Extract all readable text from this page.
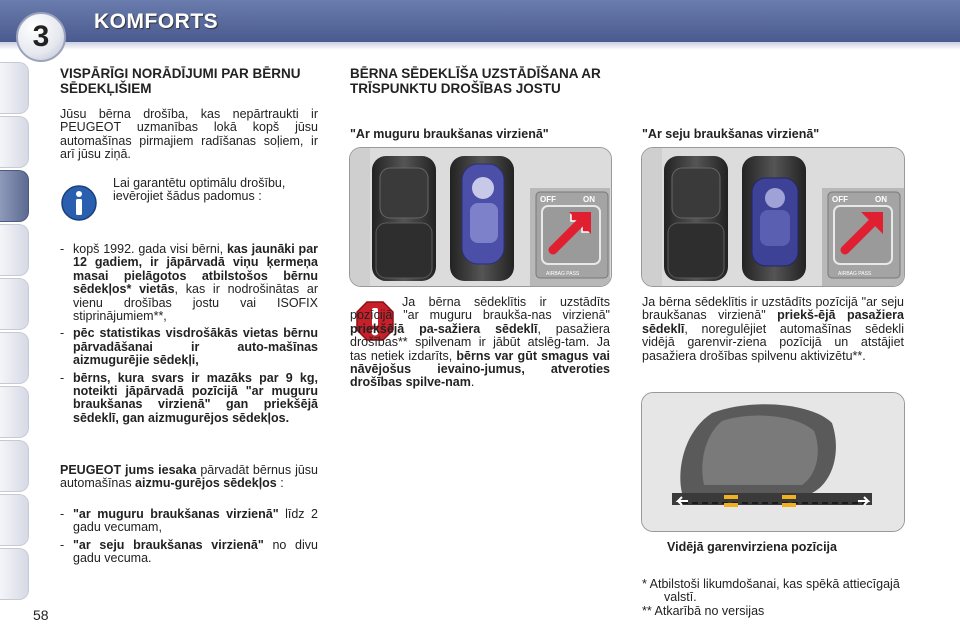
3	KOMFORTS
58
VISPĀRĪGI NORĀDĪJUMI PAR BĒRNU SĒDEKĻIŠIEM
Jūsu bērna drošība, kas nepārtraukti ir PEUGEOT uzmanības lokā kopš jūsu automašīnas pirmajiem radīšanas soļiem, ir arī jūsu ziņā.
Lai garantētu optimālu drošību, ievērojiet šādus padomus :
- kopš 1992. gada visi bērni, kas jaunāki par 12 gadiem, ir jāpārvadā viņu ķermeņa masai pielāgotos atbilstošos bērnu sēdekļos* vietās, kas ir nodrošinātas ar vienu drošības jostu vai ISOFIX stiprinājumiem**,
- pēc statistikas visdrošākās vietas bērnu pārvadāšanai ir auto-mašīnas aizmugurējie sēdekļi,
- bērns, kura svars ir mazāks par 9 kg, noteikti jāpārvadā pozīcijā "ar muguru braukšanas virzienā" gan priekšējā sēdeklī, gan aizmugurējos sēdekļos.
PEUGEOT jums iesaka pārvadāt bērnus jūsu automašīnas aizmu-gurējos sēdekļos :
- "ar muguru braukšanas virzienā" līdz 2 gadu vecumam,
- "ar seju braukšanas virzienā" no divu gadu vecuma.
BĒRNA SĒDEKLĪŠA UZSTĀDĪŠANA AR TRĪSPUNKTU DROŠĪBAS JOSTU
"Ar muguru braukšanas virzienā"
OFF	ON
AIRBAG PASS
Ja bērna sēdeklītis ir uzstādīts pozīcijā "ar muguru braukša-nas virzienā" priekšējā pa-sažiera sēdeklī, pasažiera drošības** spilvenam ir jābūt atslēg-tam. Ja tas netiek izdarīts, bērns var gūt smagus vai nāvējošus ievaino-jumus, atveroties drošības spilve-nam.
"Ar seju braukšanas virzienā"
OFF	ON
AIRBAG PASS
Ja bērna sēdeklītis ir uzstādīts pozīcijā "ar seju braukšanas virzienā" priekš-ējā pasažiera sēdeklī, noregulējiet automašīnas sēdekli vidējā garenvir-ziena pozīcijā un atstājiet pasažiera drošības spilvenu aktivizētu**.
Vidējā garenvirziena pozīcija
* Atbilstoši likumdošanai, kas spēkā attiecīgajā valstī.
** Atkarībā no versijas
